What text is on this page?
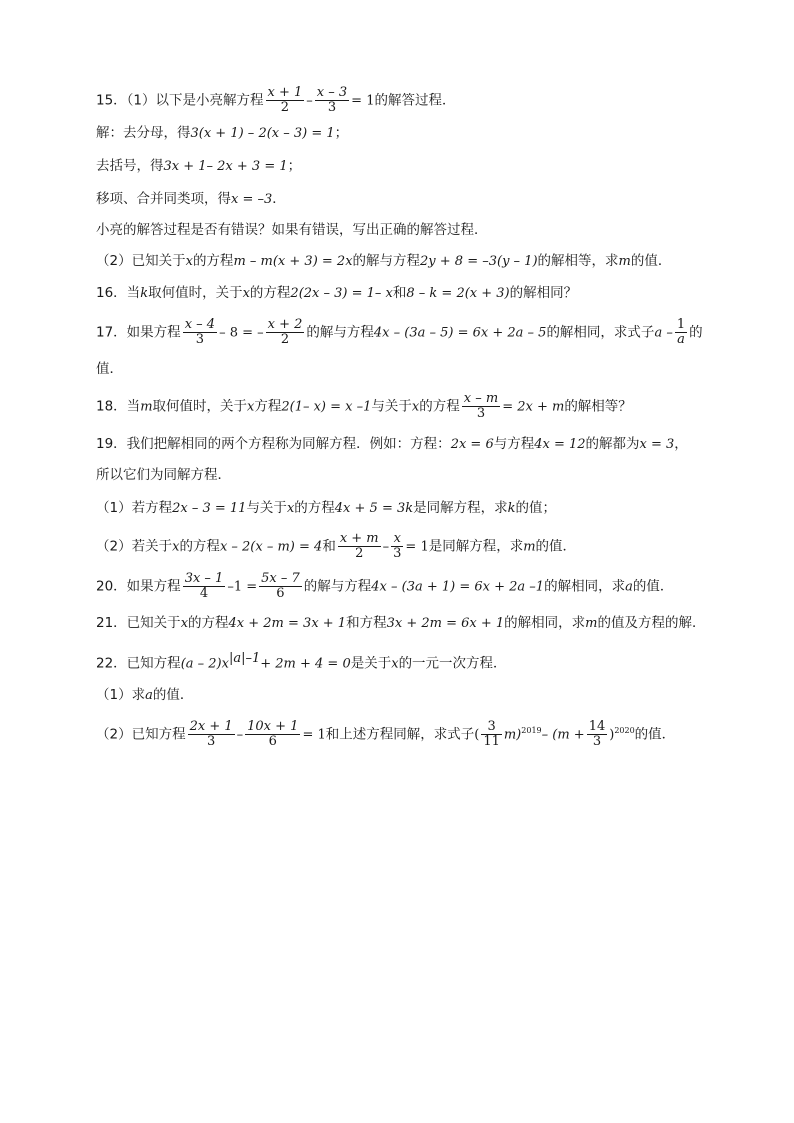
15．（1）以下是小亮解方程 $\frac{x + 1}{2} - \frac{x - 3}{3} = 1$的解答过程．
解：去分母，得3(x + 1) – 2(x – 3) = 1；
去括号，得3x + 1– 2x + 3 = 1；
移项、合并同类项，得x = –3．
小亮的解答过程是否有错误？如果有错误，写出正确的解答过程．
（2）已知关于x的方程m – m(x + 3) = 2x的解与方程2y + 8 = –3(y – 1)的解相等，求m的值．
16．当k取何值时，关于x的方程2(2x – 3) = 1– x和8 – k = 2(x + 3)的解相同？
17．如果方程 $\frac{x - 4}{3} - 8$ = – $\frac{x + 2}{2}$ 的解与方程4x – (3a – 5) = 6x + 2a – 5的解相同，求式子a – $\frac{1}{a}$ 的
值．
18．当m取何值时，关于x方程2(1– x) = x –1与关于x的方程 $\frac{x - m}{3} = 2x + m$的解相等？
19．我们把解相同的两个方程称为同解方程．例如：方程：2x = 6与方程4x = 12的解都为x = 3，
所以它们为同解方程．
（1）若方程2x – 3 = 11与关于x的方程4x + 5 = 3k是同解方程，求k的值；
（2）若关于x的方程x – 2(x – m) = 4和 $\frac{x + m}{2} - \frac{x}{3} = 1$是同解方程，求m的值．
20．如果方程 $\frac{3x - 1}{4} -1 = \frac{5x - 7}{6}$ 的解与方程4x – (3a + 1) = 6x + 2a –1的解相同，求a的值．
21．已知关于x的方程4x + 2m = 3x + 1和方程3x + 2m = 6x + 1的解相同，求m的值及方程的解．
22．已知方程$(a - 2)x^{|a|-1}+ 2m + 4 = 0$是关于x的一元一次方程．
（1）求a的值．
（2）已知方程 $\frac{2x + 1}{3} - \frac{10x + 1}{6} = 1$和上述方程同解，求式子( $\frac{3}{11} m)^{2019}-$ $(m + \frac{14}{3} )^{2020}$的值．
